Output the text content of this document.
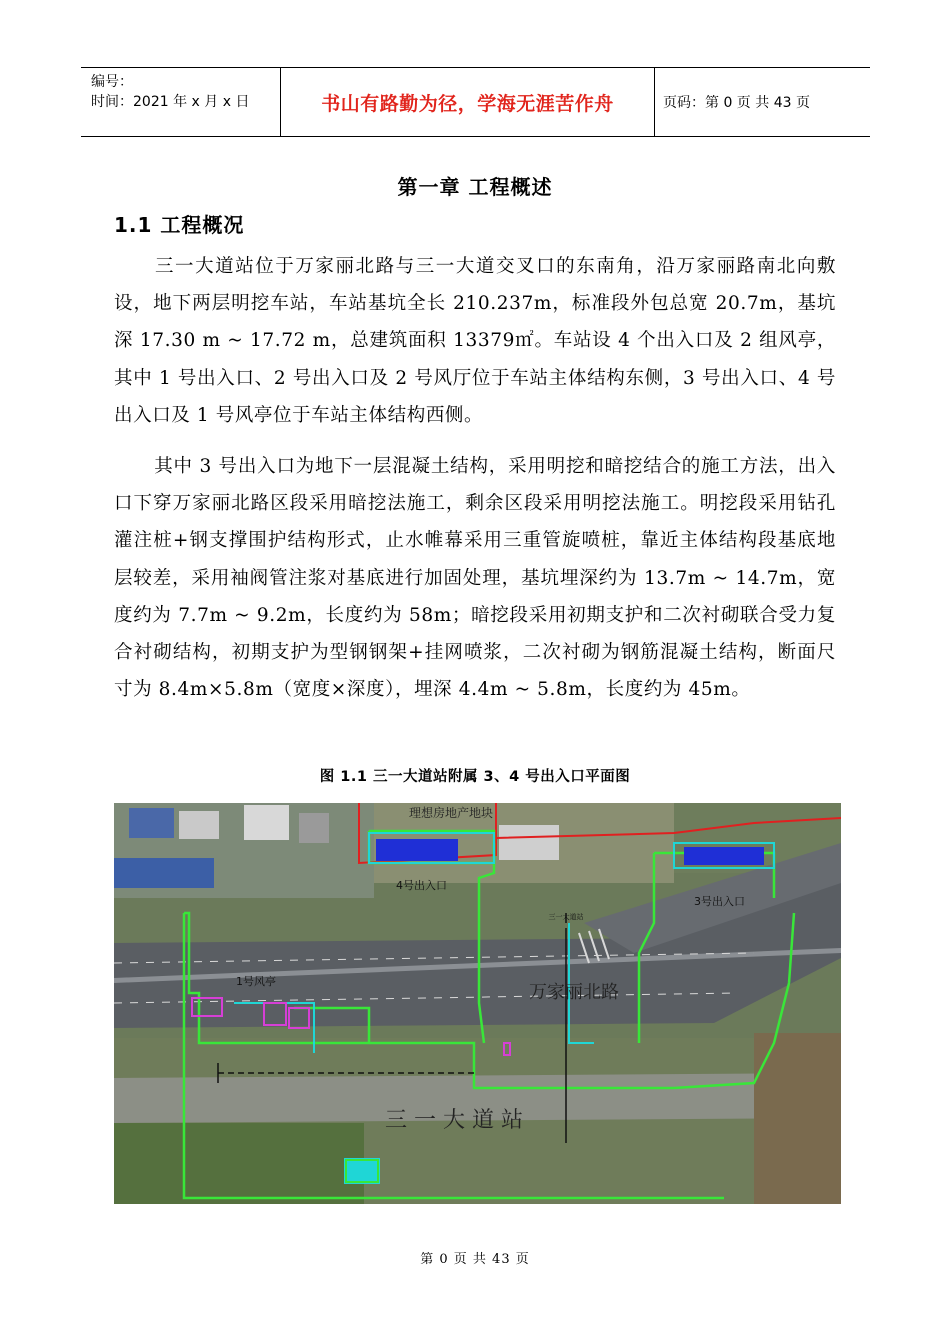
编号：
时间：2021 年 x 月 x 日	书山有路勤为径，学海无涯苦作舟	页码：第 0 页 共 43 页
第一章 工程概述
1.1 工程概况
三一大道站位于万家丽北路与三一大道交叉口的东南角，沿万家丽路南北向敷设，地下两层明挖车站，车站基坑全长 210.237m，标准段外包总宽 20.7m，基坑深 17.30 m ~ 17.72 m，总建筑面积 13379㎡。车站设 4 个出入口及 2 组风亭，其中 1 号出入口、2 号出入口及 2 号风厅位于车站主体结构东侧，3 号出入口、4 号出入口及 1 号风亭位于车站主体结构西侧。
其中 3 号出入口为地下一层混凝土结构，采用明挖和暗挖结合的施工方法，出入口下穿万家丽北路区段采用暗挖法施工，剩余区段采用明挖法施工。明挖段采用钻孔灌注桩+钢支撑围护结构形式，止水帷幕采用三重管旋喷桩，靠近主体结构段基底地层较差，采用袖阀管注浆对基底进行加固处理，基坑埋深约为 13.7m ~ 14.7m，宽度约为 7.7m ~ 9.2m，长度约为 58m；暗挖段采用初期支护和二次衬砌联合受力复合衬砌结构，初期支护为型钢钢架+挂网喷浆，二次衬砌为钢筋混凝土结构，断面尺寸为 8.4m×5.8m（宽度×深度），埋深 4.4m ~ 5.8m，长度约为 45m。
图 1.1 三一大道站附属 3、4 号出入口平面图
理想房地产地块
4号出入口
3号出入口
1号风亭
万家丽北路
三 一 大 道 站
三一大道站
第 0 页 共 43 页
